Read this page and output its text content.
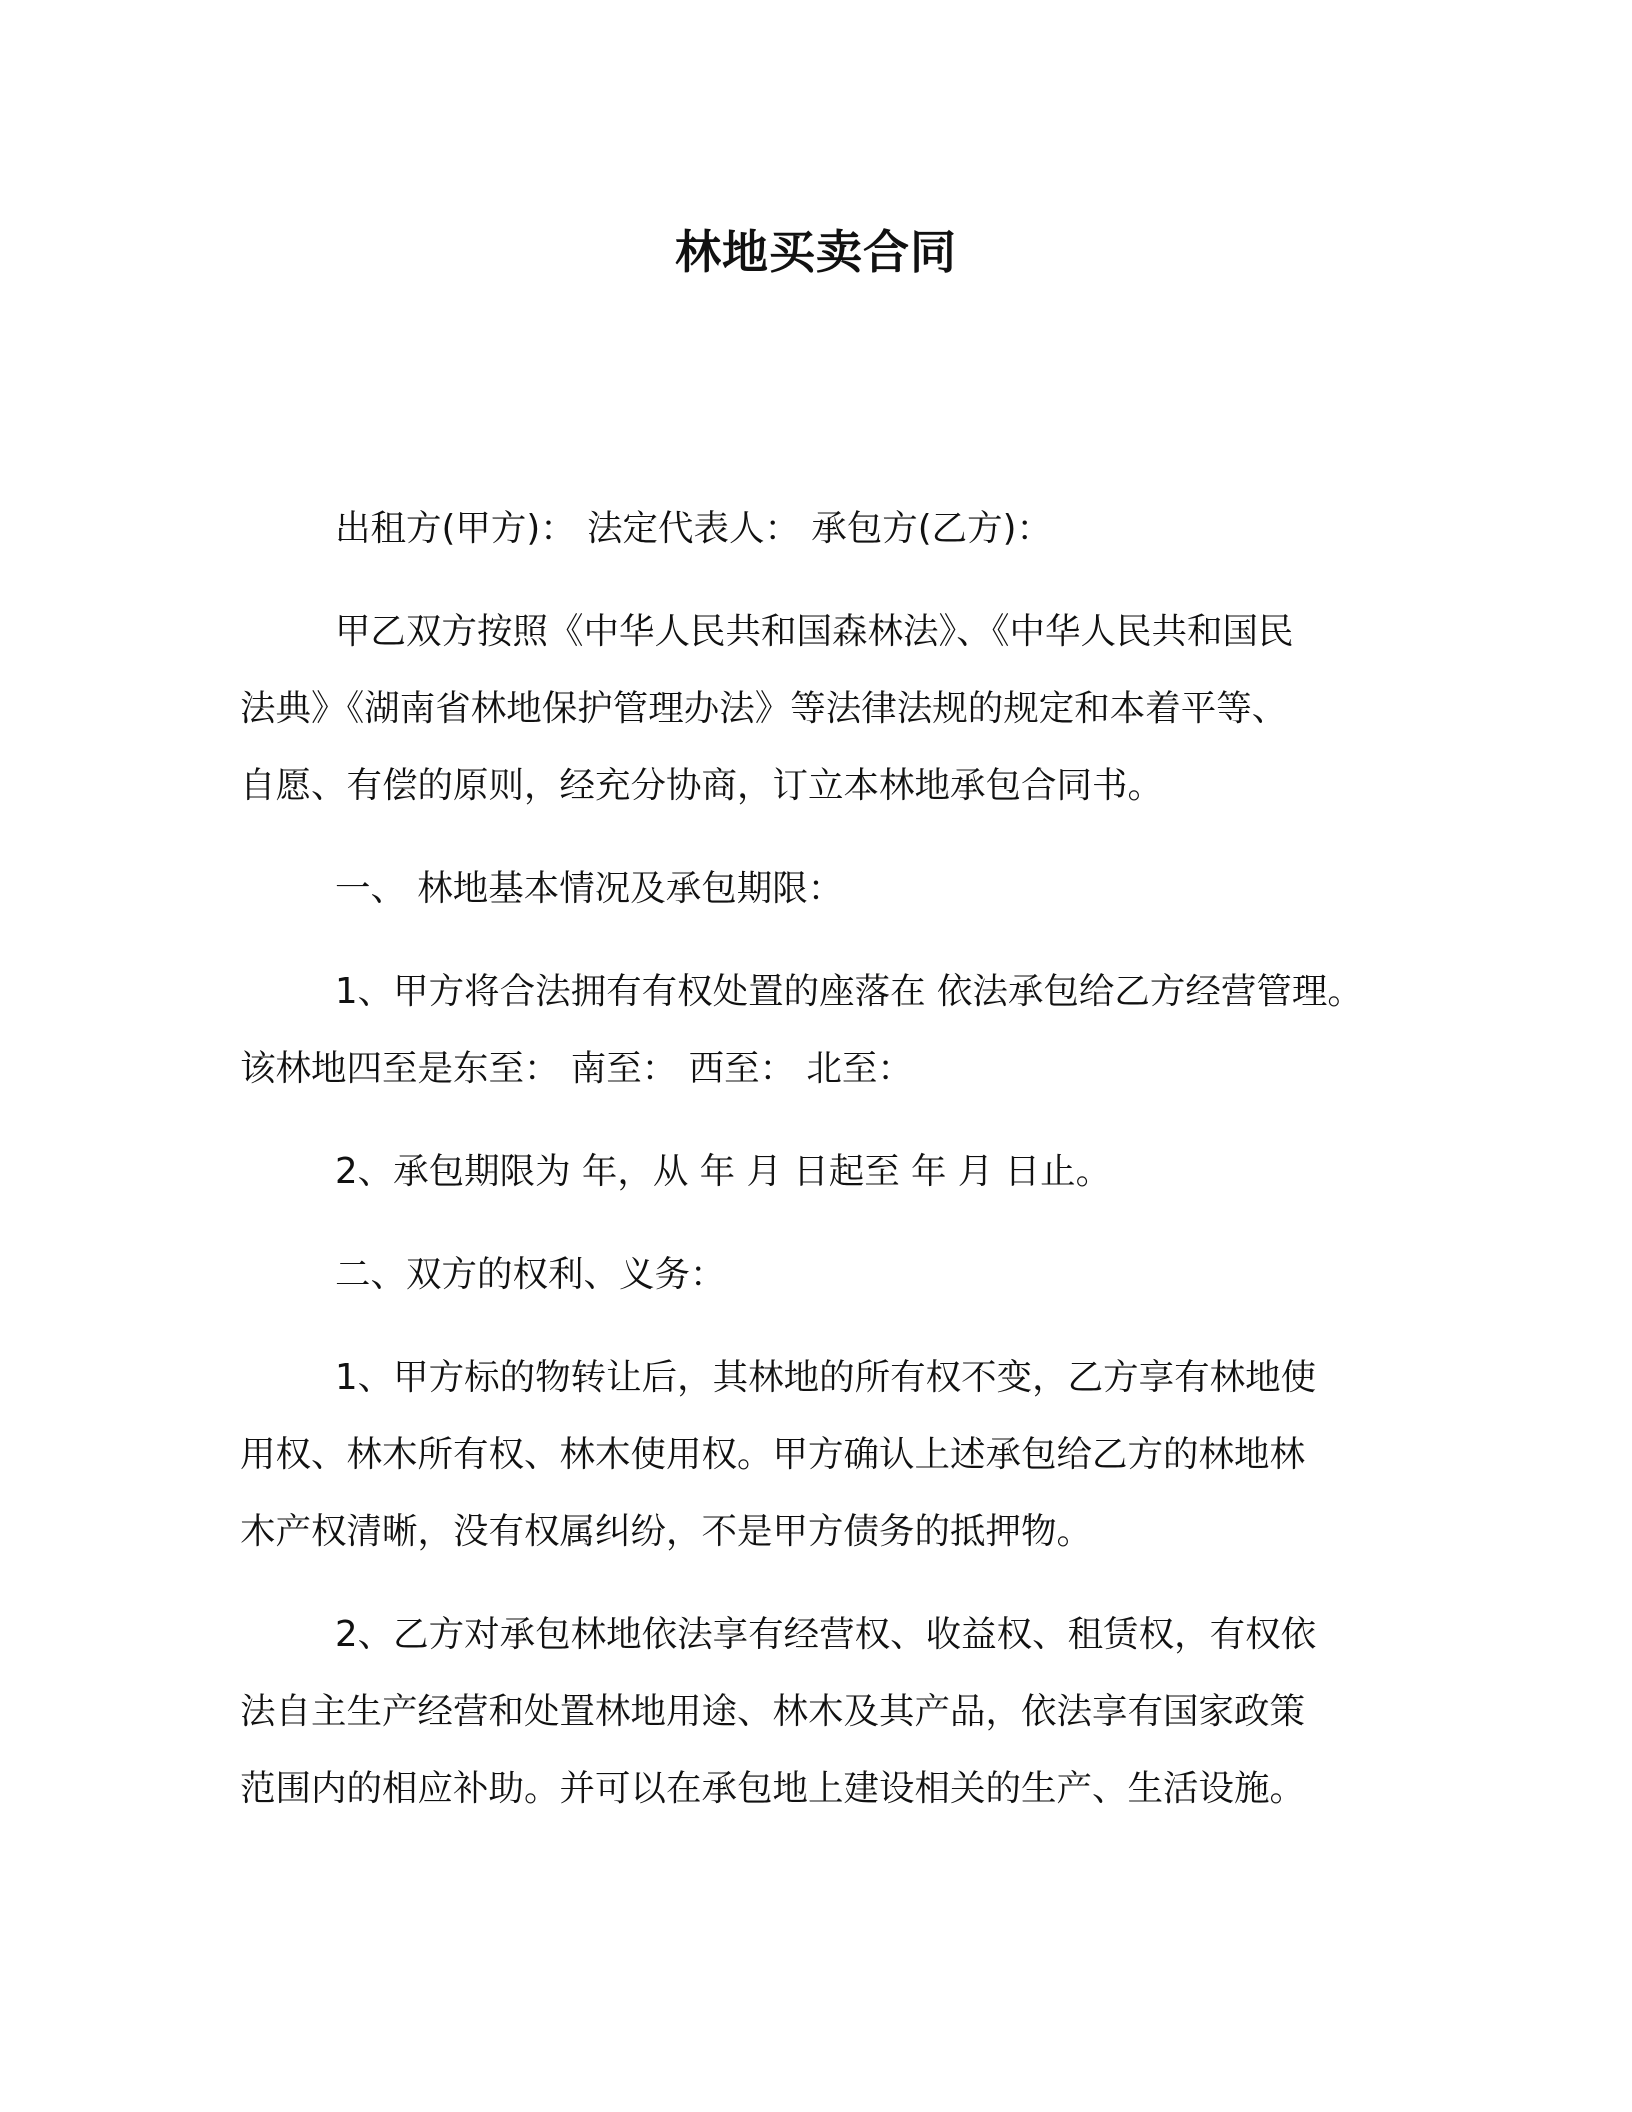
林地买卖合同

出租方(甲方)： 法定代表人： 承包方(乙方)：

甲乙双方按照《中华人民共和国森林法》、《中华人民共和国民
法典》《湖南省林地保护管理办法》等法律法规的规定和本着平等、
自愿、有偿的原则，经充分协商，订立本林地承包合同书。

一、 林地基本情况及承包期限：

1、甲方将合法拥有有权处置的座落在 依法承包给乙方经营管理。
该林地四至是东至： 南至： 西至： 北至：

2、承包期限为 年，从 年 月 日起至 年 月 日止。

二、双方的权利、义务：

1、甲方标的物转让后，其林地的所有权不变，乙方享有林地使
用权、林木所有权、林木使用权。甲方确认上述承包给乙方的林地林
木产权清晰，没有权属纠纷，不是甲方债务的抵押物。

2、乙方对承包林地依法享有经营权、收益权、租赁权，有权依
法自主生产经营和处置林地用途、林木及其产品，依法享有国家政策
范围内的相应补助。并可以在承包地上建设相关的生产、生活设施。
